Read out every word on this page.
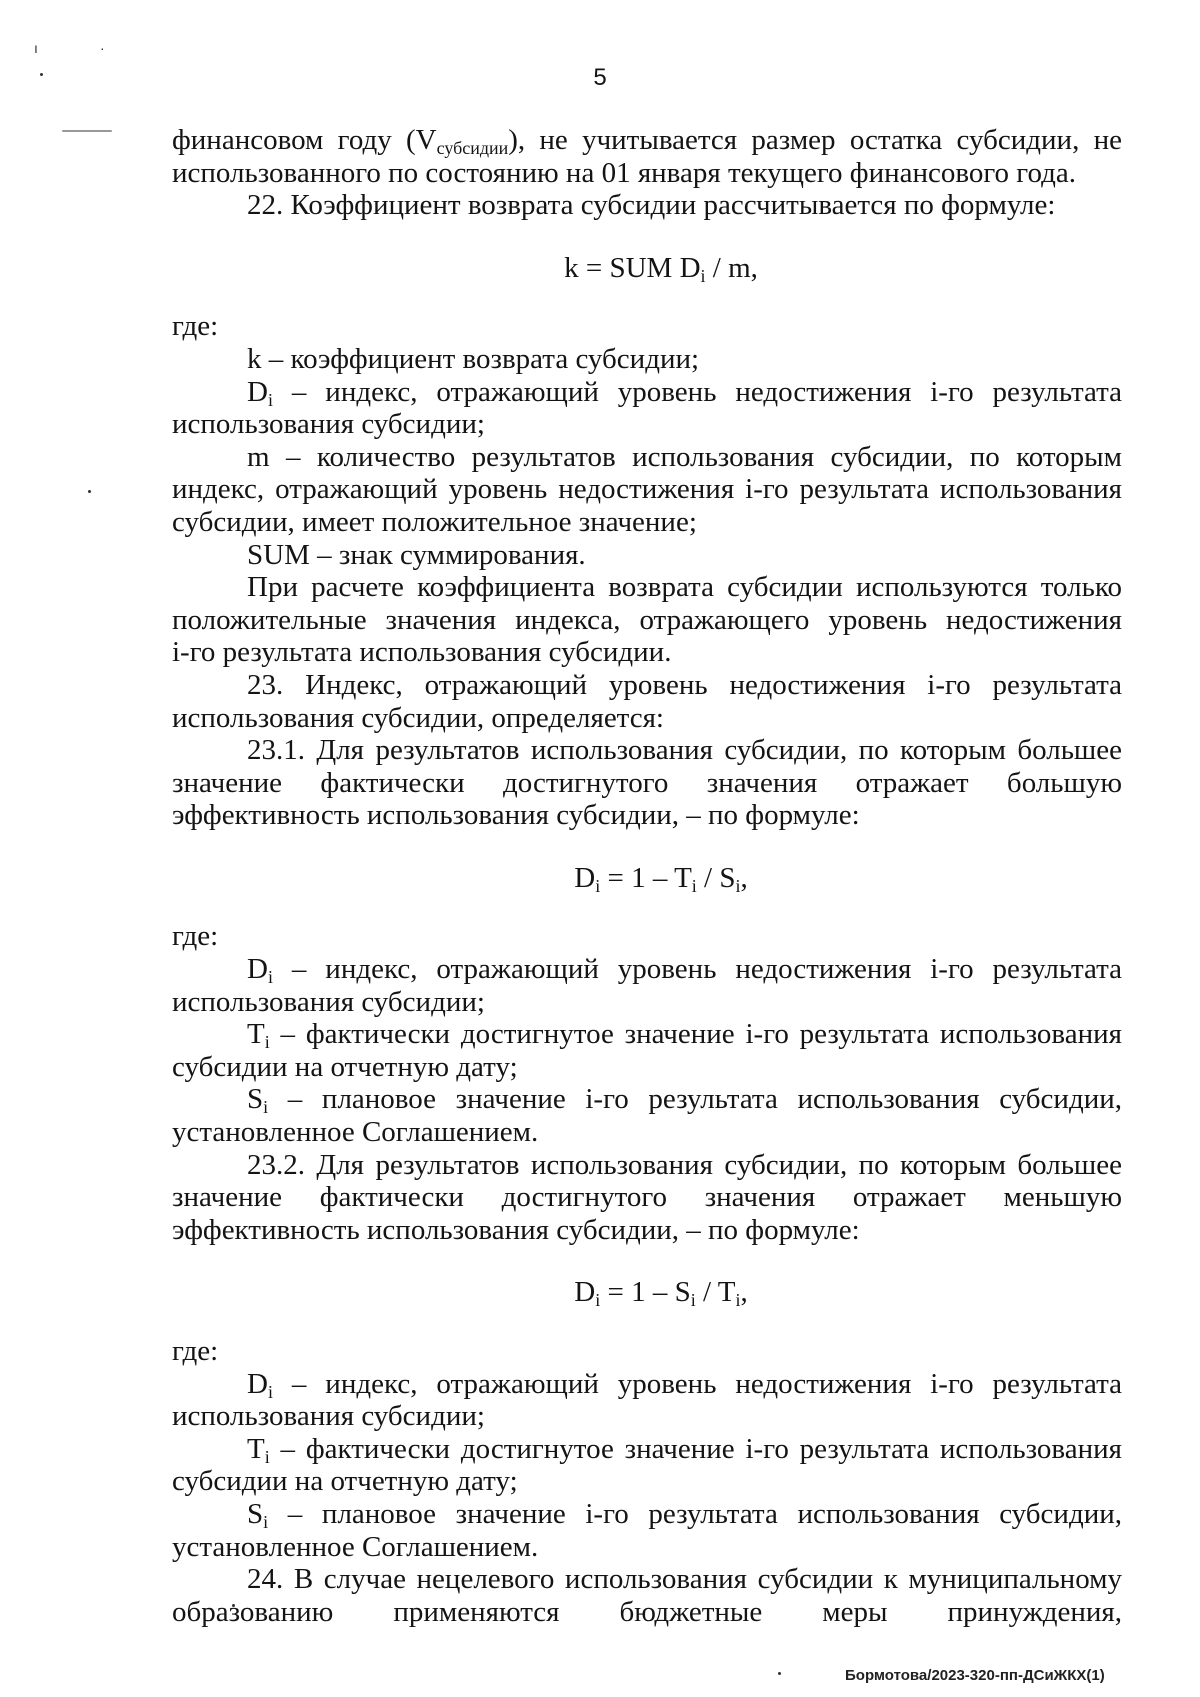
5
ı	·
финансовом году $(V_{субсидии})$, не учитывается размер остатка субсидии, не
использованного по состоянию на 01 января текущего финансового года.
22. Коэффициент возврата субсидии рассчитывается по формуле:
k = SUM $D_i$ / m,
где:
k – коэффициент возврата субсидии;
$D_i$ – индекс, отражающий уровень недостижения i-го результата
использования субсидии;
m – количество результатов использования субсидии, по которым
индекс, отражающий уровень недостижения i-го результата использования
субсидии, имеет положительное значение;
SUM – знак суммирования.
При расчете коэффициента возврата субсидии используются только
положительные значения индекса, отражающего уровень недостижения
i-го результата использования субсидии.
23. Индекс, отражающий уровень недостижения i-го результата
использования субсидии, определяется:
23.1. Для результатов использования субсидии, по которым большее
значение фактически достигнутого значения отражает большую
эффективность использования субсидии, – по формуле:
$D_i = 1 - T_i / S_i$,
где:
$D_i$ – индекс, отражающий уровень недостижения i-го результата
использования субсидии;
$T_i$ – фактически достигнутое значение i-го результата использования
субсидии на отчетную дату;
$S_i$ – плановое значение i-го результата использования субсидии,
установленное Соглашением.
23.2. Для результатов использования субсидии, по которым большее
значение фактически достигнутого значения отражает меньшую
эффективность использования субсидии, – по формуле:
$D_i = 1 - S_i / T_i$,
где:
$D_i$ – индекс, отражающий уровень недостижения i-го результата
использования субсидии;
$T_i$ – фактически достигнутое значение i-го результата использования
субсидии на отчетную дату;
$S_i$ – плановое значение i-го результата использования субсидии,
установленное Соглашением.
24. В случае нецелевого использования субсидии к муниципальному
образованию применяются бюджетные меры принуждения,
Бормотова/2023-320-пп-ДСиЖКХ(1)
